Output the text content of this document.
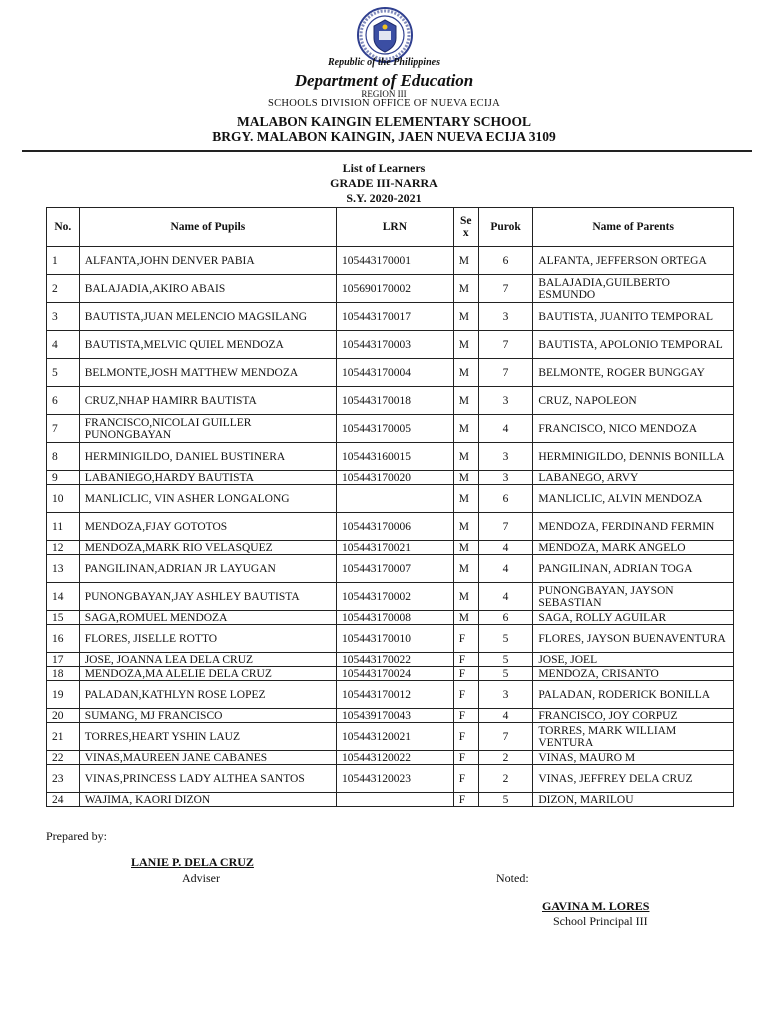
Republic of the Philippines
Department of Education
REGION III
SCHOOLS DIVISION OFFICE OF NUEVA ECIJA
MALABON KAINGIN ELEMENTARY SCHOOL
BRGY. MALABON KAINGIN, JAEN NUEVA ECIJA 3109
List of Learners
GRADE III-NARRA
S.Y. 2020-2021
No.	Name of Pupils	LRN	Se x	Purok	Name of Parents
1	ALFANTA,JOHN DENVER PABIA	105443170001	M	6	ALFANTA, JEFFERSON ORTEGA
2	BALAJADIA,AKIRO ABAIS	105690170002	M	7	BALAJADIA,GUILBERTO ESMUNDO
3	BAUTISTA,JUAN MELENCIO MAGSILANG	105443170017	M	3	BAUTISTA, JUANITO TEMPORAL
4	BAUTISTA,MELVIC QUIEL MENDOZA	105443170003	M	7	BAUTISTA, APOLONIO TEMPORAL
5	BELMONTE,JOSH MATTHEW MENDOZA	105443170004	M	7	BELMONTE, ROGER BUNGGAY
6	CRUZ,NHAP HAMIRR BAUTISTA	105443170018	M	3	CRUZ, NAPOLEON
7	FRANCISCO,NICOLAI GUILLER PUNONGBAYAN	105443170005	M	4	FRANCISCO, NICO MENDOZA
8	HERMINIGILDO, DANIEL BUSTINERA	105443160015	M	3	HERMINIGILDO, DENNIS BONILLA
9	LABANIEGO,HARDY BAUTISTA	105443170020	M	3	LABANEGO, ARVY
10	MANLICLIC, VIN ASHER LONGALONG		M	6	MANLICLIC, ALVIN MENDOZA
11	MENDOZA,FJAY GOTOTOS	105443170006	M	7	MENDOZA, FERDINAND FERMIN
12	MENDOZA,MARK RIO VELASQUEZ	105443170021	M	4	MENDOZA, MARK ANGELO
13	PANGILINAN,ADRIAN JR LAYUGAN	105443170007	M	4	PANGILINAN, ADRIAN TOGA
14	PUNONGBAYAN,JAY ASHLEY BAUTISTA	105443170002	M	4	PUNONGBAYAN, JAYSON SEBASTIAN
15	SAGA,ROMUEL MENDOZA	105443170008	M	6	SAGA, ROLLY AGUILAR
16	FLORES, JISELLE ROTTO	105443170010	F	5	FLORES, JAYSON BUENAVENTURA
17	JOSE, JOANNA LEA DELA CRUZ	105443170022	F	5	JOSE, JOEL
18	MENDOZA,MA ALELIE DELA CRUZ	105443170024	F	5	MENDOZA, CRISANTO
19	PALADAN,KATHLYN ROSE LOPEZ	105443170012	F	3	PALADAN, RODERICK BONILLA
20	SUMANG, MJ FRANCISCO	105439170043	F	4	FRANCISCO, JOY CORPUZ
21	TORRES,HEART YSHIN LAUZ	105443120021	F	7	TORRES, MARK WILLIAM VENTURA
22	VINAS,MAUREEN JANE CABANES	105443120022	F	2	VINAS, MAURO M
23	VINAS,PRINCESS LADY ALTHEA SANTOS	105443120023	F	2	VINAS, JEFFREY DELA CRUZ
24	WAJIMA, KAORI DIZON		F	5	DIZON, MARILOU
Prepared by:
LANIE P. DELA CRUZ
Adviser	Noted:
GAVINA M. LORES
School Principal III
